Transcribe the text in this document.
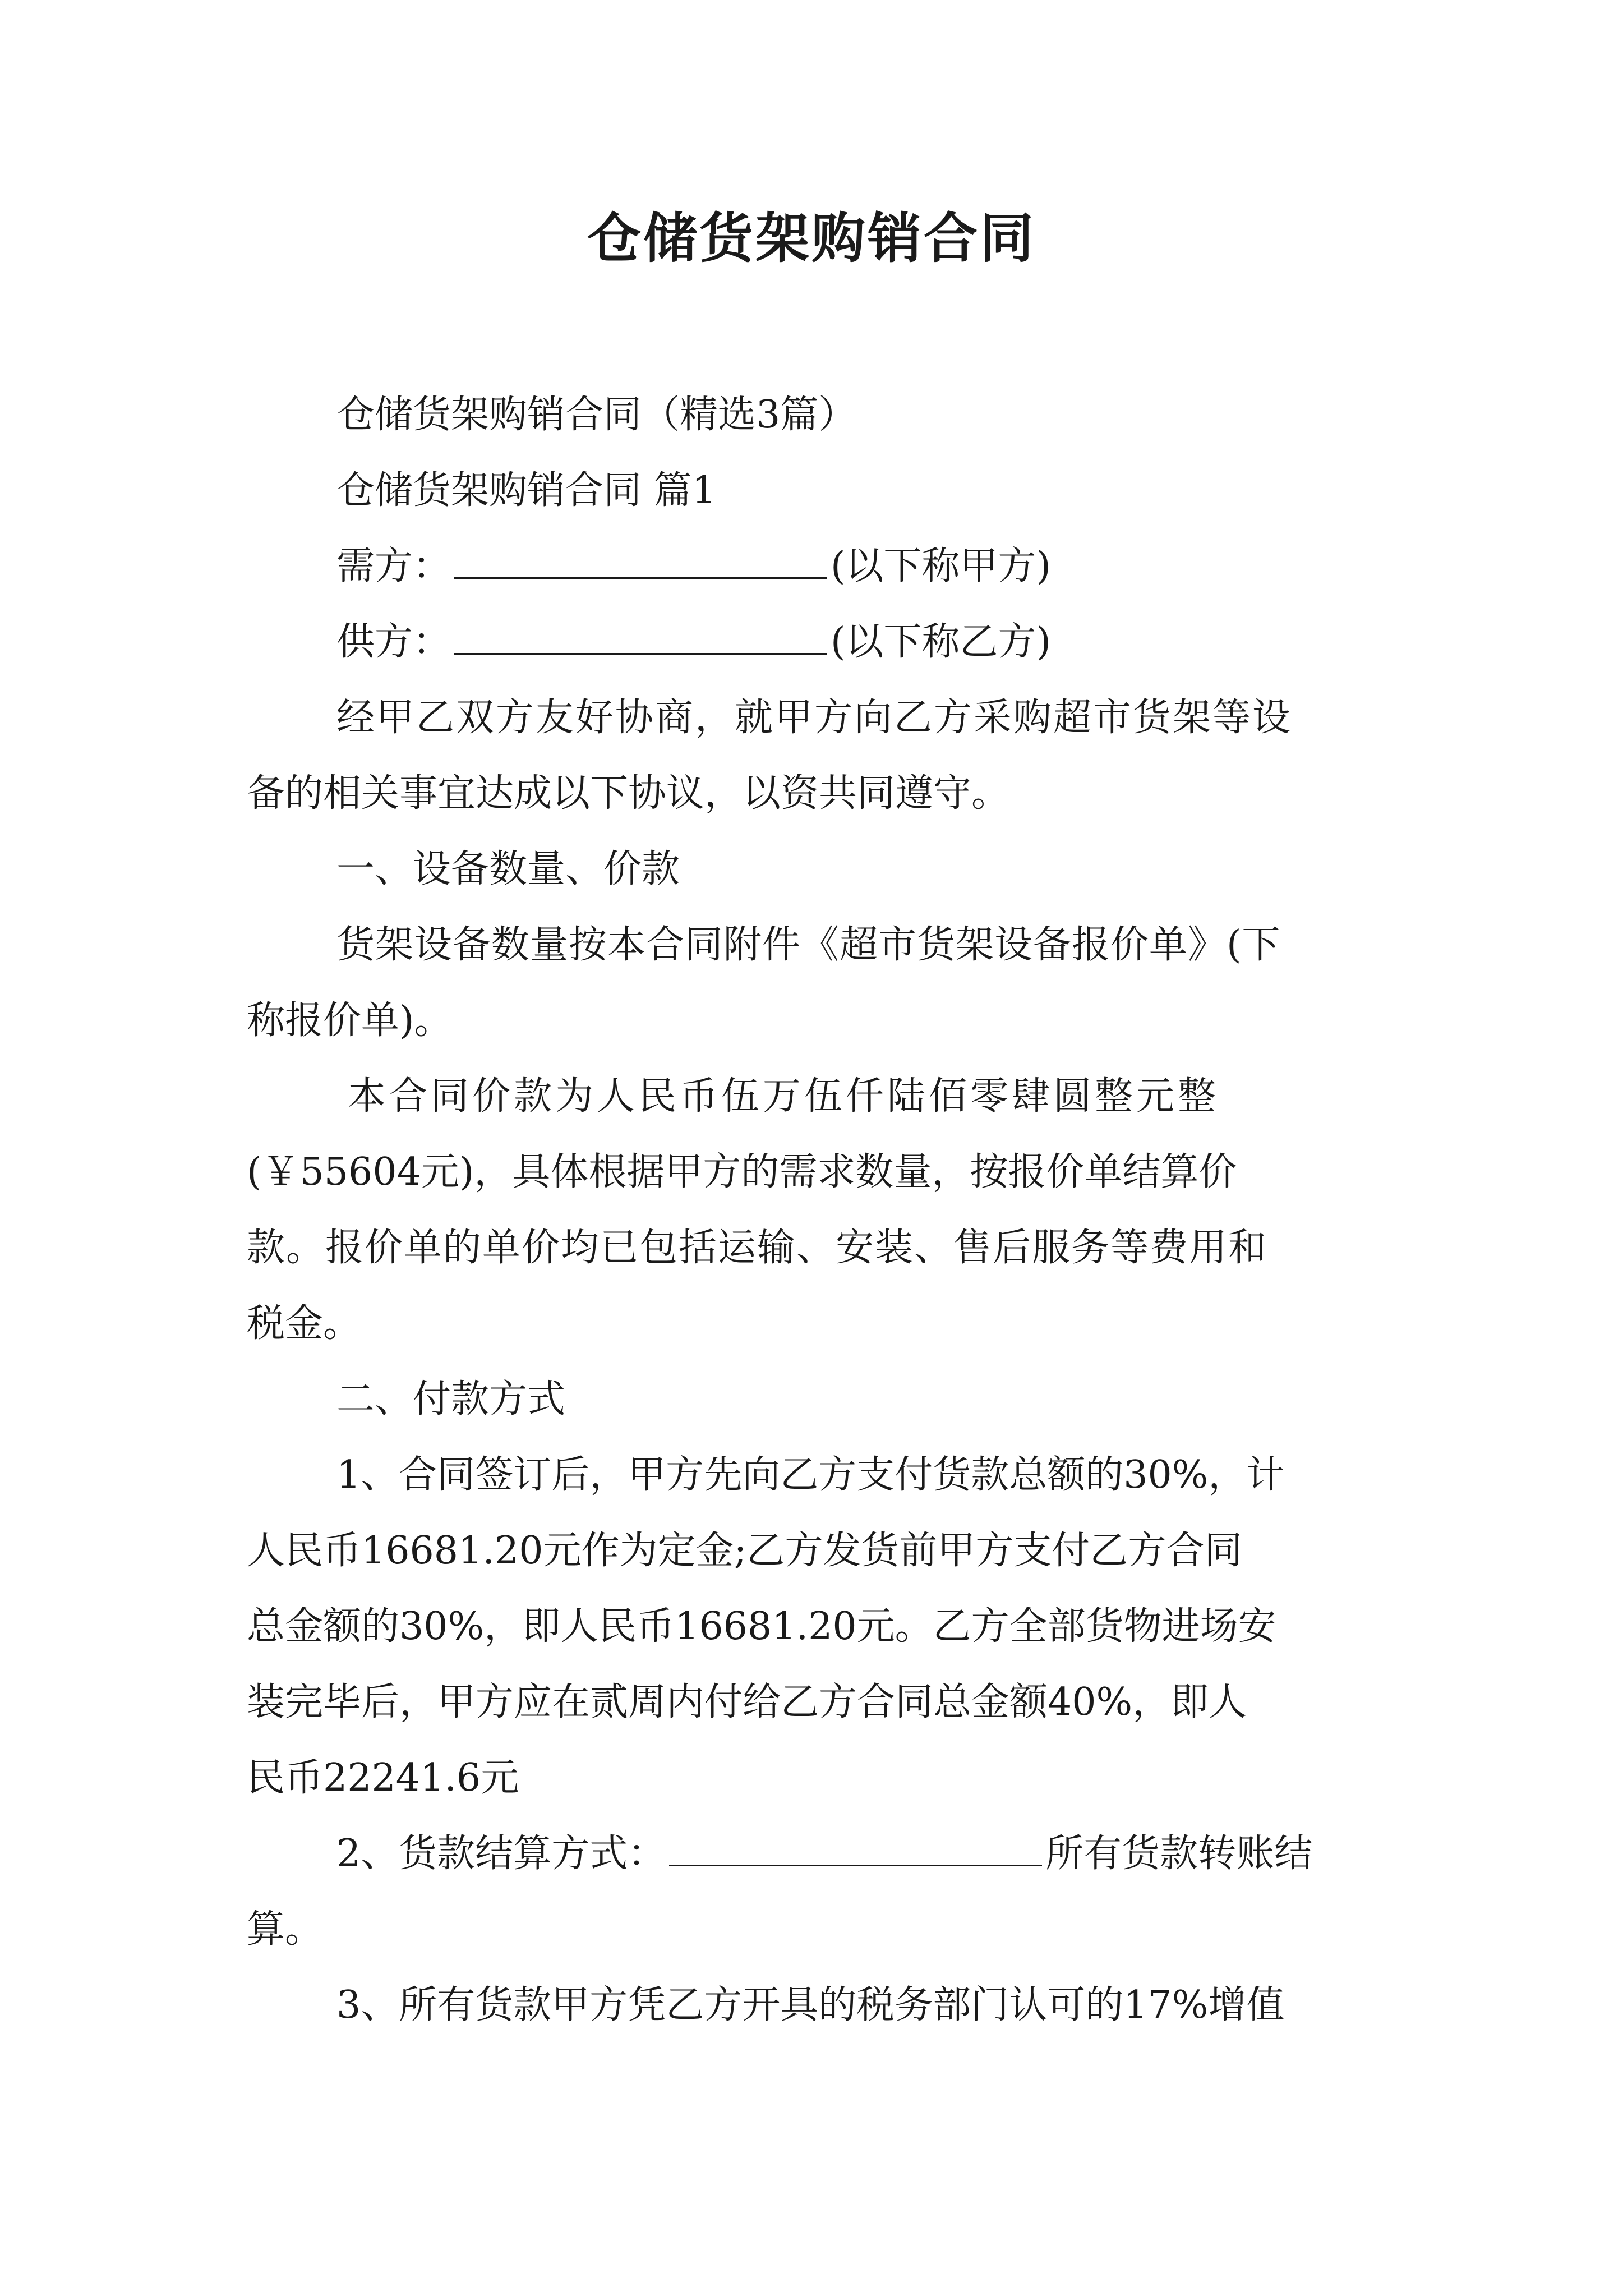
仓储货架购销合同

仓储货架购销合同（精选3篇）

仓储货架购销合同 篇1

需方：	(以下称甲方)

供方：	(以下称乙方)

经甲乙双方友好协商，就甲方向乙方采购超市货架等设

备的相关事宜达成以下协议，以资共同遵守。

一、设备数量、价款

货架设备数量按本合同附件《超市货架设备报价单》(下

称报价单)。

本合同价款为人民币伍万伍仟陆佰零肆圆整元整

(￥55604元)，具体根据甲方的需求数量，按报价单结算价

款。报价单的单价均已包括运输、安装、售后服务等费用和

税金。

二、付款方式

1、合同签订后，甲方先向乙方支付货款总额的30%，计

人民币16681.20元作为定金;乙方发货前甲方支付乙方合同

总金额的30%，即人民币16681.20元。乙方全部货物进场安

装完毕后，甲方应在贰周内付给乙方合同总金额40%，即人

民币22241.6元

2、货款结算方式：	所有货款转账结

算。

3、所有货款甲方凭乙方开具的税务部门认可的17%增值
